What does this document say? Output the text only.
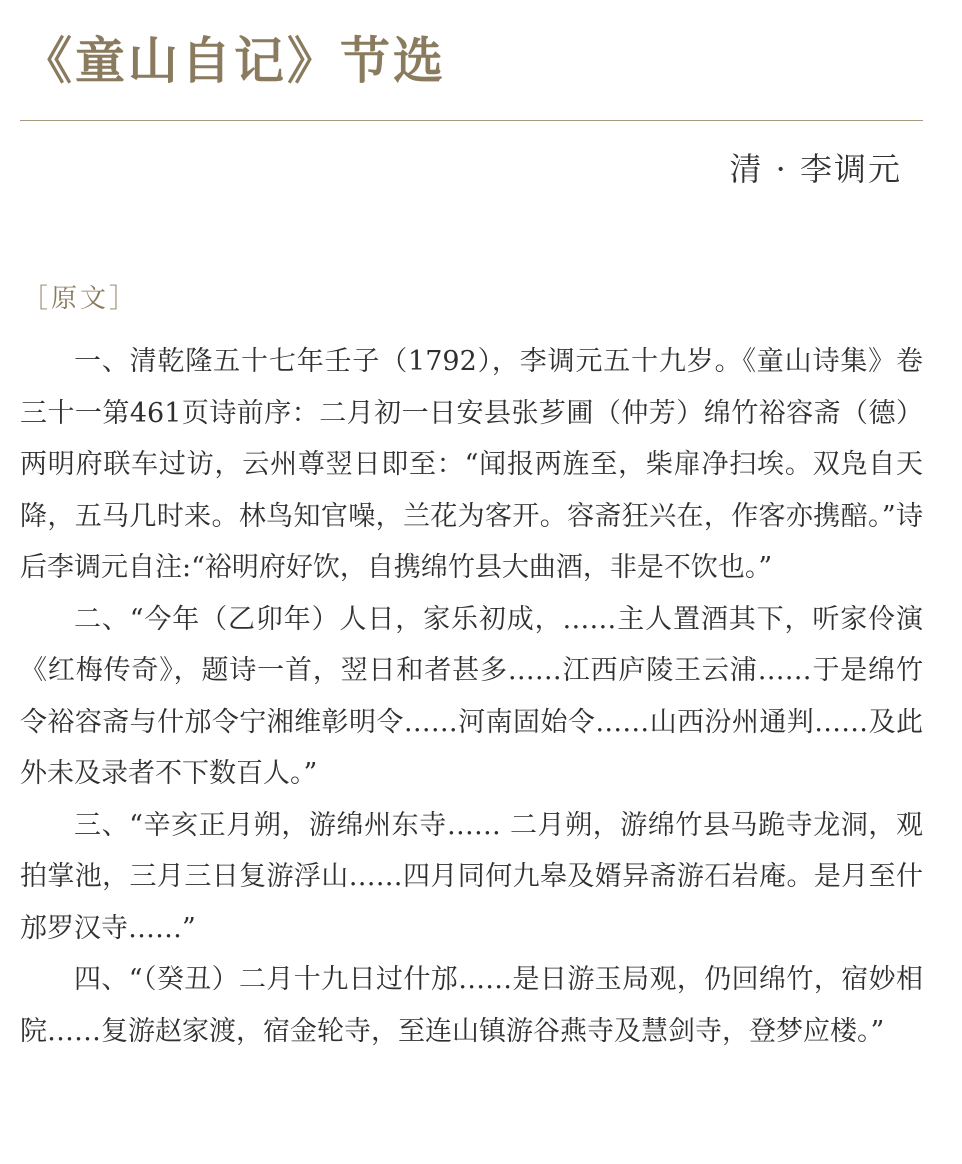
《童山自记》节选
清 · 李调元
［原文］

一、清乾隆五十七年壬子（1792），李调元五十九岁。《童山诗集》卷三十一第461页诗前序：二月初一日安县张芗圃（仲芳）绵竹裕容斋（德）两明府联车过访，云州尊翌日即至：“闻报两旌至，柴扉净扫埃。双凫自天降，五马几时来。林鸟知官噪，兰花为客开。容斋狂兴在，作客亦携醅。”诗后李调元自注:“裕明府好饮，自携绵竹县大曲酒，非是不饮也。”

二、“今年（乙卯年）人日，家乐初成，……主人置酒其下，听家伶演《红梅传奇》，题诗一首，翌日和者甚多……江西庐陵王云浦……于是绵竹令裕容斋与什邡令宁湘维彰明令……河南固始令……山西汾州通判……及此外未及录者不下数百人。”

三、“辛亥正月朔，游绵州东寺…… 二月朔，游绵竹县马跪寺龙洞，观拍掌池，三月三日复游浮山……四月同何九皋及婿异斋游石岩庵。是月至什邡罗汉寺……”

四、“（癸丑）二月十九日过什邡……是日游玉局观，仍回绵竹，宿妙相院……复游赵家渡，宿金轮寺，至连山镇游谷燕寺及慧剑寺，登梦应楼。”
